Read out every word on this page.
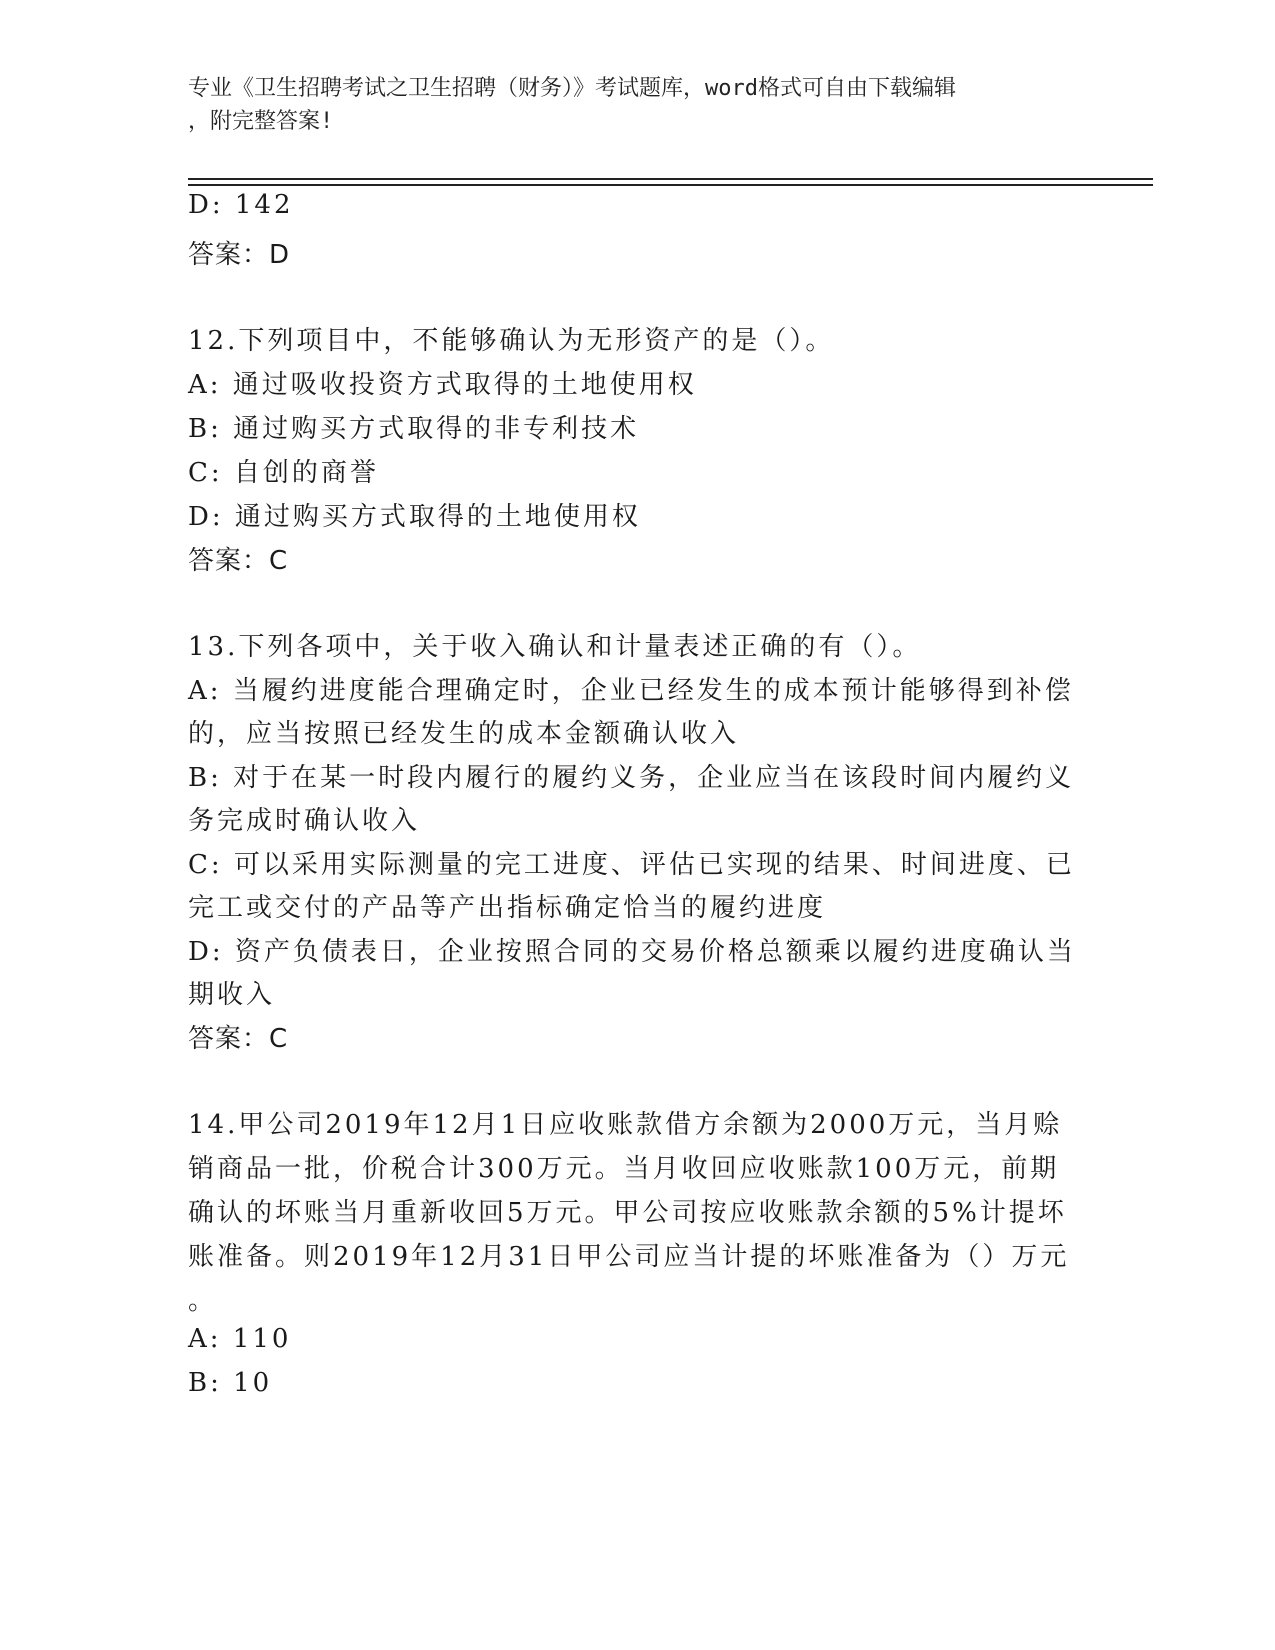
专业《卫生招聘考试之卫生招聘（财务）》考试题库，word格式可自由下载编辑
，附完整答案!
D: 142
答案：D
12.下列项目中，不能够确认为无形资产的是（）。
A: 通过吸收投资方式取得的土地使用权
B: 通过购买方式取得的非专利技术
C: 自创的商誉
D: 通过购买方式取得的土地使用权
答案：C
13.下列各项中，关于收入确认和计量表述正确的有（）。
A: 当履约进度能合理确定时，企业已经发生的成本预计能够得到补偿
的，应当按照已经发生的成本金额确认收入
B: 对于在某一时段内履行的履约义务，企业应当在该段时间内履约义
务完成时确认收入
C: 可以采用实际测量的完工进度、评估已实现的结果、时间进度、已
完工或交付的产品等产出指标确定恰当的履约进度
D: 资产负债表日，企业按照合同的交易价格总额乘以履约进度确认当
期收入
答案：C
14.甲公司2019年12月1日应收账款借方余额为2000万元，当月赊
销商品一批，价税合计300万元。当月收回应收账款100万元，前期
确认的坏账当月重新收回5万元。甲公司按应收账款余额的5%计提坏
账准备。则2019年12月31日甲公司应当计提的坏账准备为（）万元
。
A: 110
B: 10
